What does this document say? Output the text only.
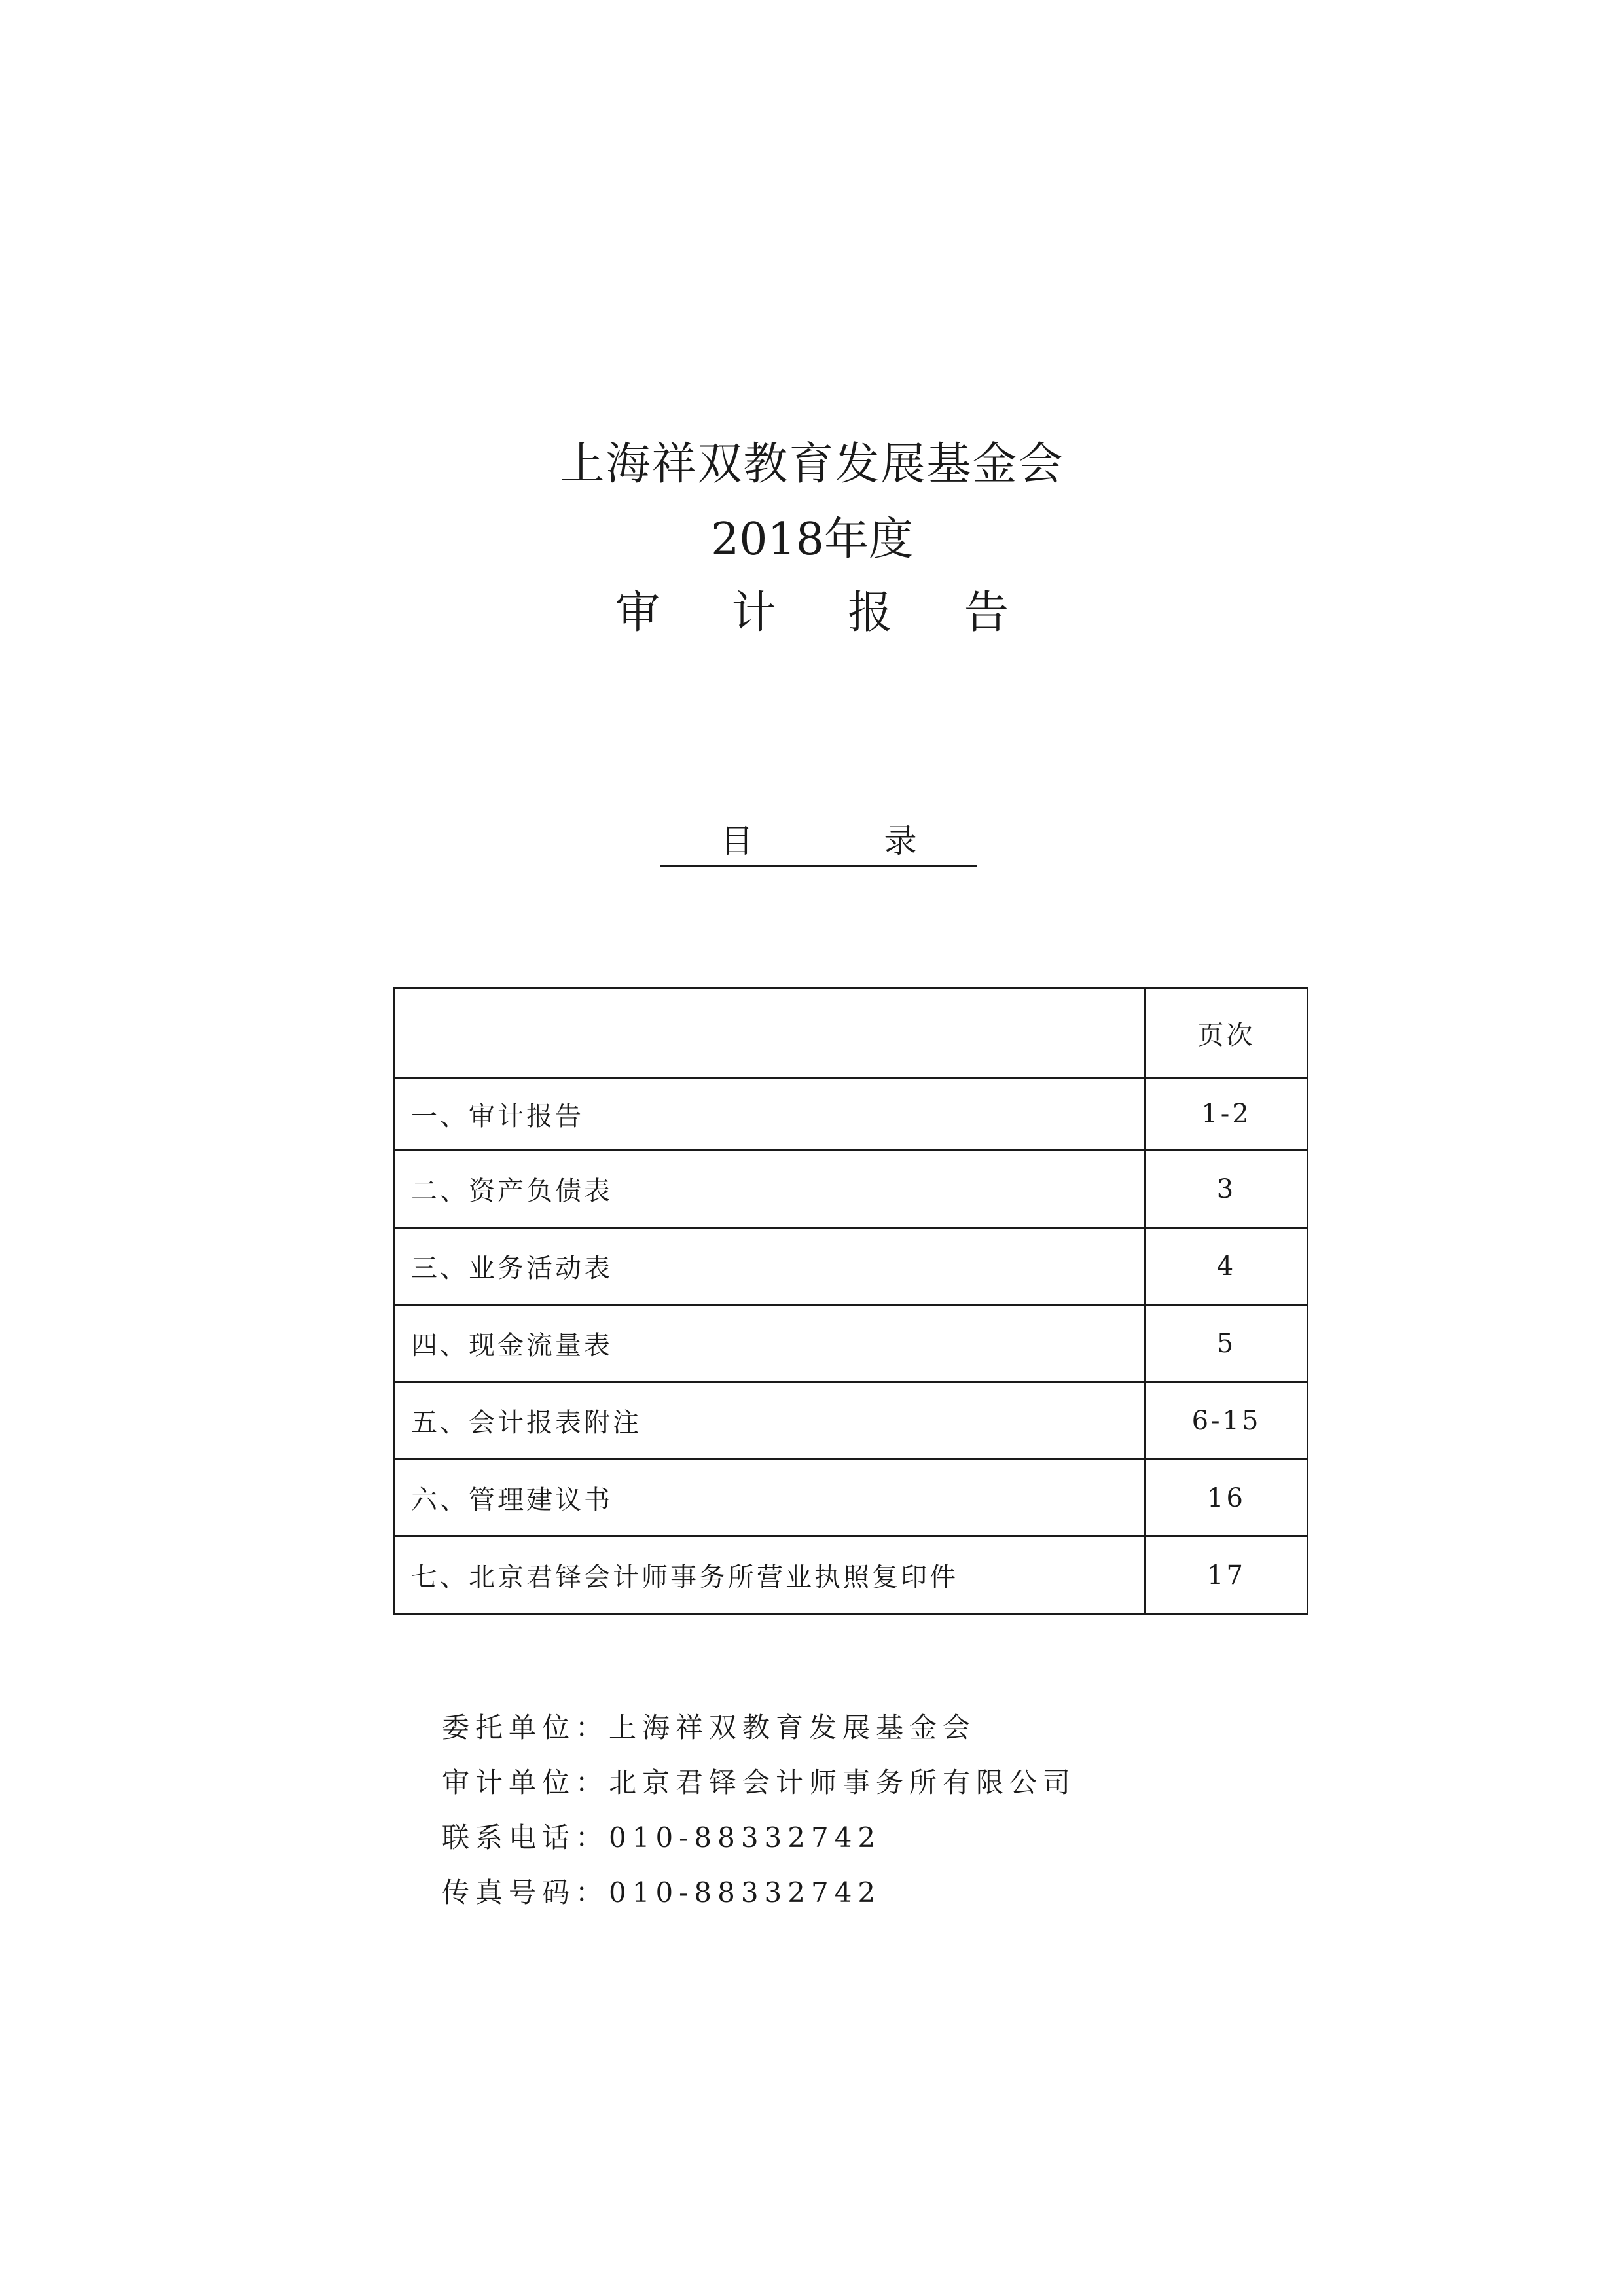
上海祥双教育发展基金会
2018年度
审 计 报 告
目 录
	页次
一、审计报告	1-2
二、资产负债表	3
三、业务活动表	4
四、现金流量表	5
五、会计报表附注	6-15
六、管理建议书	16
七、北京君铎会计师事务所营业执照复印件	17
委托单位：上海祥双教育发展基金会
审计单位：北京君铎会计师事务所有限公司
联系电话：010-88332742
传真号码：010-88332742
